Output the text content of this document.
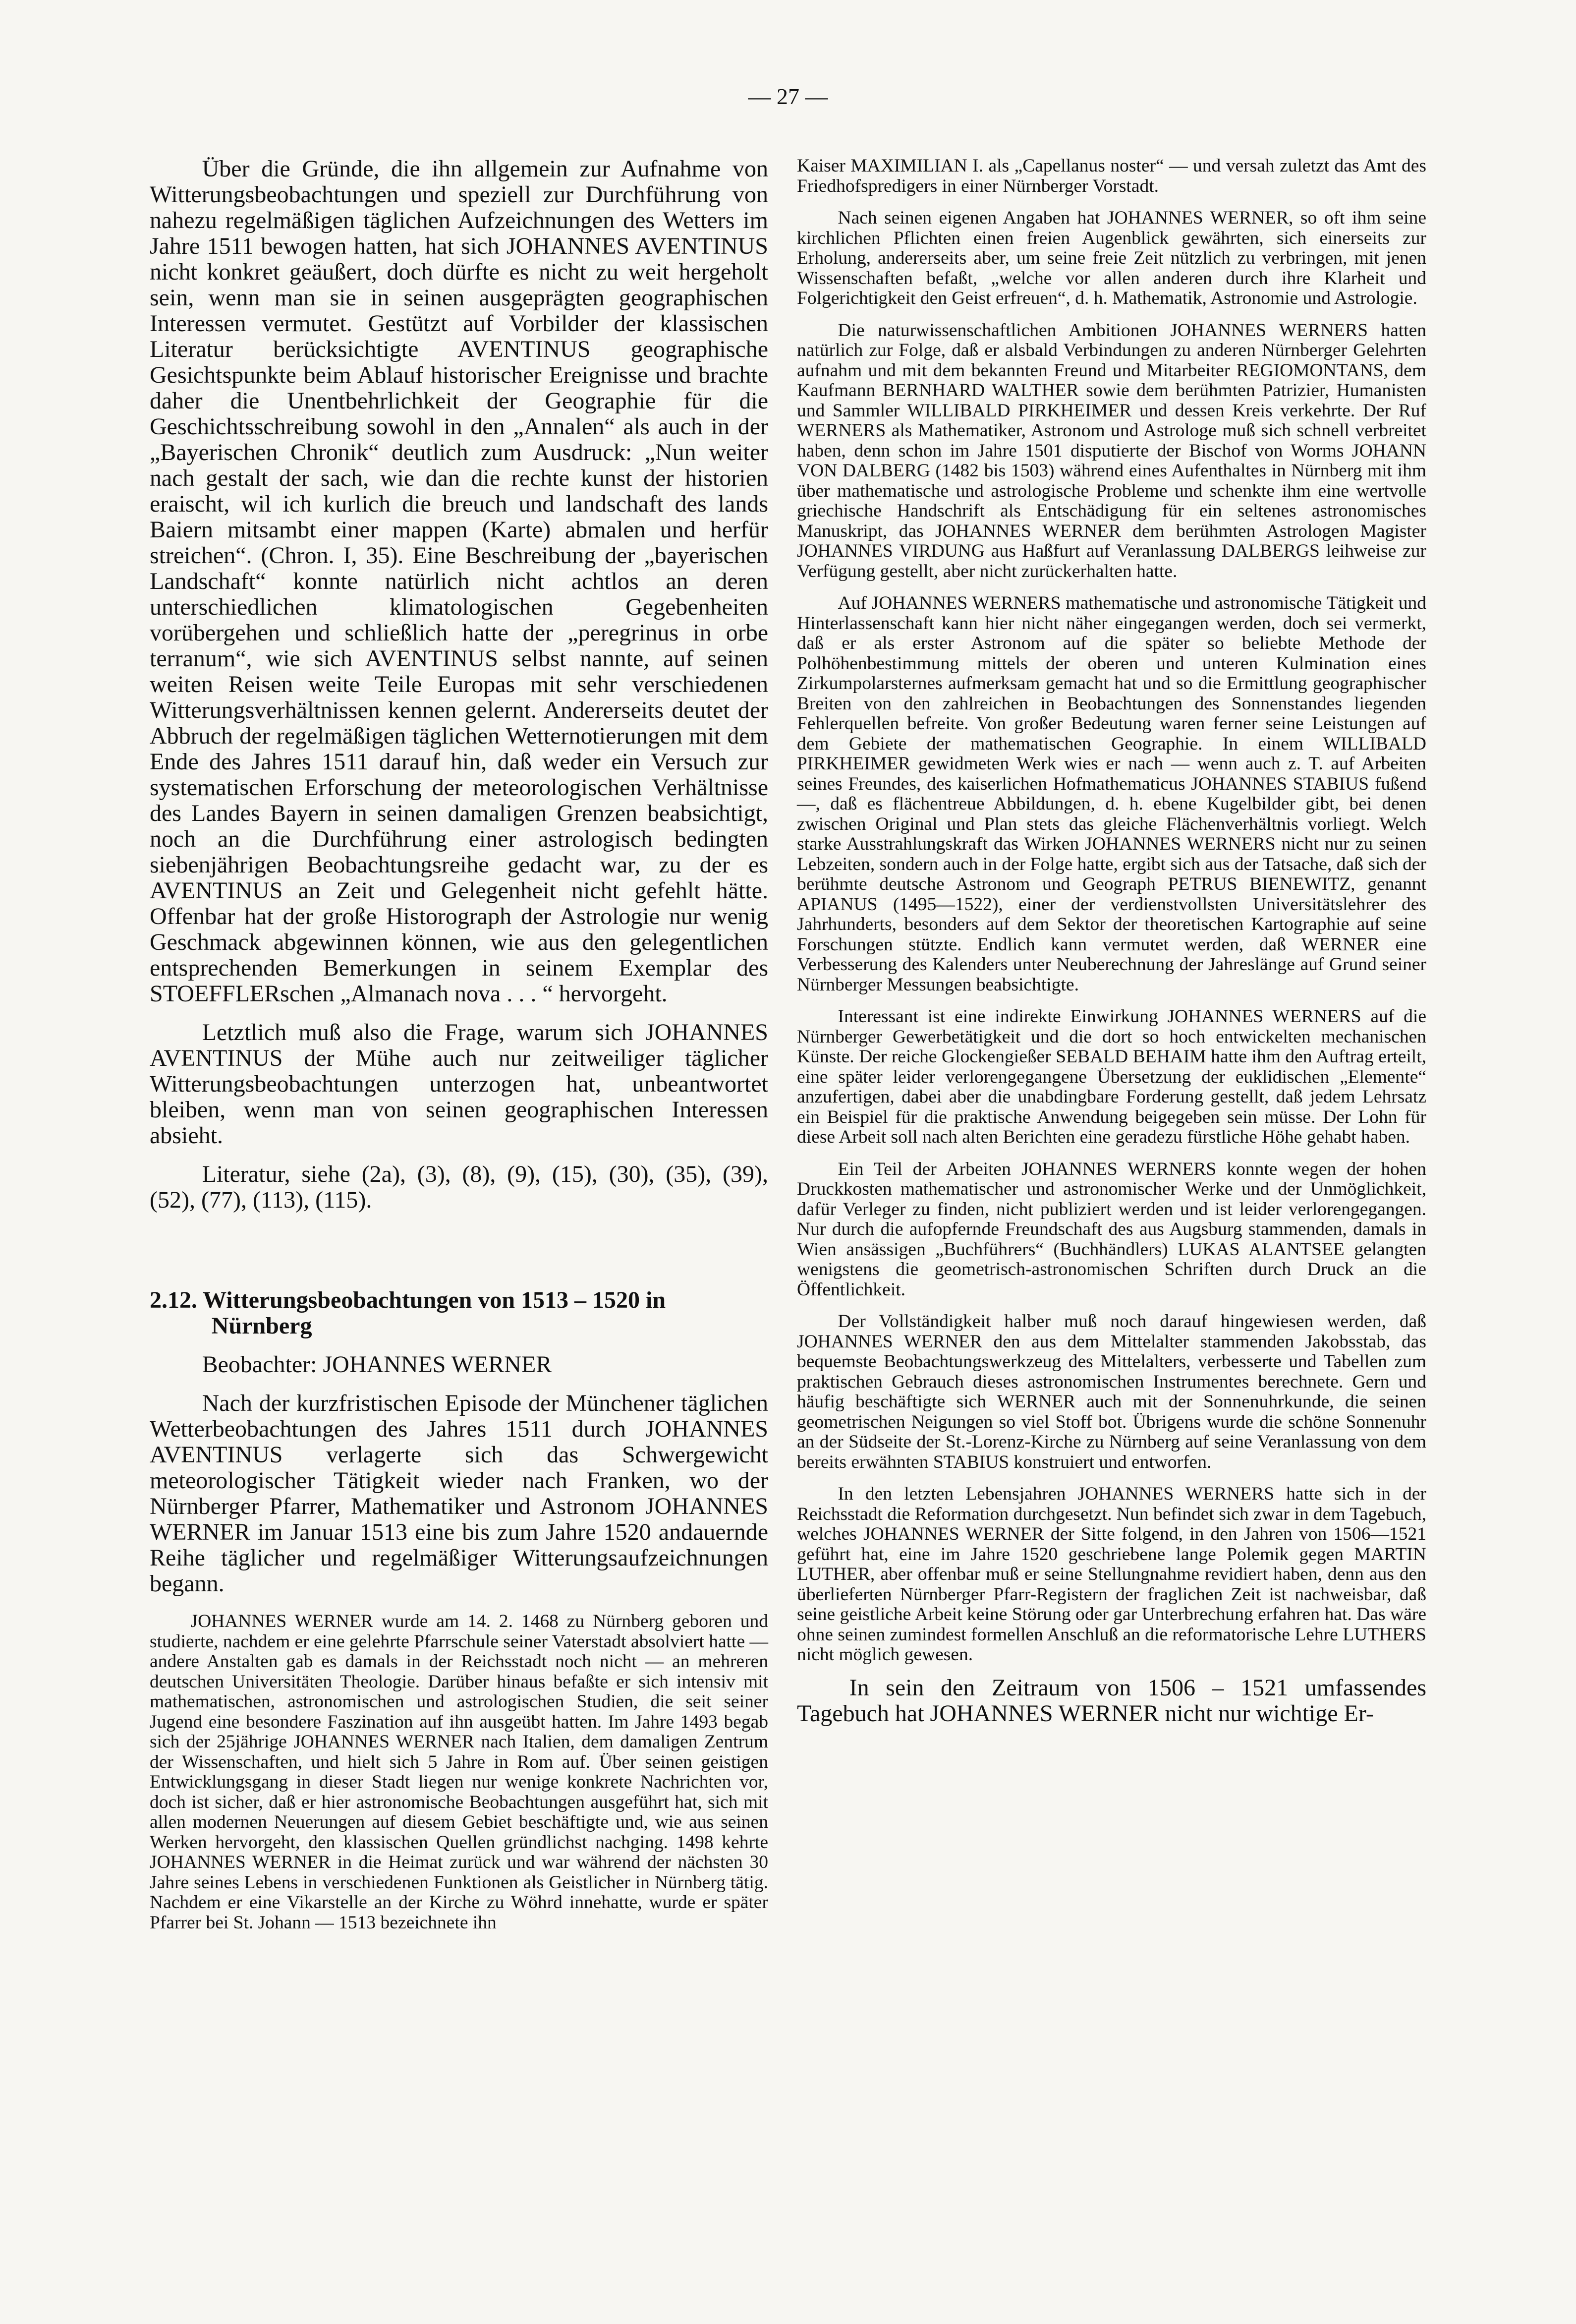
— 27 —

Über die Gründe, die ihn allgemein zur Aufnahme von Witterungsbeobachtungen und speziell zur Durchführung von nahezu regelmäßigen täglichen Aufzeichnungen des Wetters im Jahre 1511 bewogen hatten, hat sich JOHANNES AVENTINUS nicht konkret geäußert, doch dürfte es nicht zu weit hergeholt sein, wenn man sie in seinen ausgeprägten geographischen Interessen vermutet. Gestützt auf Vorbilder der klassischen Literatur berücksichtigte AVENTINUS geographische Gesichtspunkte beim Ablauf historischer Ereignisse und brachte daher die Unentbehrlichkeit der Geographie für die Geschichtsschreibung sowohl in den „Annalen“ als auch in der „Bayerischen Chronik“ deutlich zum Ausdruck: „Nun weiter nach gestalt der sach, wie dan die rechte kunst der historien eraischt, wil ich kurlich die breuch und landschaft des lands Baiern mitsambt einer mappen (Karte) abmalen und herfür streichen“. (Chron. I, 35). Eine Beschreibung der „bayerischen Landschaft“ konnte natürlich nicht achtlos an deren unterschiedlichen klimatologischen Gegebenheiten vorübergehen und schließlich hatte der „peregrinus in orbe terranum“, wie sich AVENTINUS selbst nannte, auf seinen weiten Reisen weite Teile Europas mit sehr verschiedenen Witterungsverhältnissen kennen gelernt. Andererseits deutet der Abbruch der regelmäßigen täglichen Wetternotierungen mit dem Ende des Jahres 1511 darauf hin, daß weder ein Versuch zur systematischen Erforschung der meteorologischen Verhältnisse des Landes Bayern in seinen damaligen Grenzen beabsichtigt, noch an die Durchführung einer astrologisch bedingten siebenjährigen Beobachtungsreihe gedacht war, zu der es AVENTINUS an Zeit und Gelegenheit nicht gefehlt hätte. Offenbar hat der große Historograph der Astrologie nur wenig Geschmack abgewinnen können, wie aus den gelegentlichen entsprechenden Bemerkungen in seinem Exemplar des STOEFFLERschen „Almanach nova . . . “ hervorgeht.

Letztlich muß also die Frage, warum sich JOHANNES AVENTINUS der Mühe auch nur zeitweiliger täglicher Witterungsbeobachtungen unterzogen hat, unbeantwortet bleiben, wenn man von seinen geographischen Interessen absieht.

Literatur, siehe (2a), (3), (8), (9), (15), (30), (35), (39), (52), (77), (113), (115).

2.12. Witterungsbeobachtungen von 1513 – 1520 in Nürnberg
Beobachter: JOHANNES WERNER

Nach der kurzfristischen Episode der Münchener täglichen Wetterbeobachtungen des Jahres 1511 durch JOHANNES AVENTINUS verlagerte sich das Schwergewicht meteorologischer Tätigkeit wieder nach Franken, wo der Nürnberger Pfarrer, Mathematiker und Astronom JOHANNES WERNER im Januar 1513 eine bis zum Jahre 1520 andauernde Reihe täglicher und regelmäßiger Witterungsaufzeichnungen begann.

JOHANNES WERNER wurde am 14. 2. 1468 zu Nürnberg geboren und studierte, nachdem er eine gelehrte Pfarrschule seiner Vaterstadt absolviert hatte — andere Anstalten gab es damals in der Reichsstadt noch nicht — an mehreren deutschen Universitäten Theologie. Darüber hinaus befaßte er sich intensiv mit mathematischen, astronomischen und astrologischen Studien, die seit seiner Jugend eine besondere Faszination auf ihn ausgeübt hatten. Im Jahre 1493 begab sich der 25jährige JOHANNES WERNER nach Italien, dem damaligen Zentrum der Wissenschaften, und hielt sich 5 Jahre in Rom auf. Über seinen geistigen Entwicklungsgang in dieser Stadt liegen nur wenige konkrete Nachrichten vor, doch ist sicher, daß er hier astronomische Beobachtungen ausgeführt hat, sich mit allen modernen Neuerungen auf diesem Gebiet beschäftigte und, wie aus seinen Werken hervorgeht, den klassischen Quellen gründlichst nachging. 1498 kehrte JOHANNES WERNER in die Heimat zurück und war während der nächsten 30 Jahre seines Lebens in verschiedenen Funktionen als Geistlicher in Nürnberg tätig. Nachdem er eine Vikarstelle an der Kirche zu Wöhrd innehatte, wurde er später Pfarrer bei St. Johann — 1513 bezeichnete ihn

Kaiser MAXIMILIAN I. als „Capellanus noster“ — und versah zuletzt das Amt des Friedhofspredigers in einer Nürnberger Vorstadt.

Nach seinen eigenen Angaben hat JOHANNES WERNER, so oft ihm seine kirchlichen Pflichten einen freien Augenblick gewährten, sich einerseits zur Erholung, andererseits aber, um seine freie Zeit nützlich zu verbringen, mit jenen Wissenschaften befaßt, „welche vor allen anderen durch ihre Klarheit und Folgerichtigkeit den Geist erfreuen“, d. h. Mathematik, Astronomie und Astrologie.

Die naturwissenschaftlichen Ambitionen JOHANNES WERNERS hatten natürlich zur Folge, daß er alsbald Verbindungen zu anderen Nürnberger Gelehrten aufnahm und mit dem bekannten Freund und Mitarbeiter REGIOMONTANS, dem Kaufmann BERNHARD WALTHER sowie dem berühmten Patrizier, Humanisten und Sammler WILLIBALD PIRKHEIMER und dessen Kreis verkehrte. Der Ruf WERNERS als Mathematiker, Astronom und Astrologe muß sich schnell verbreitet haben, denn schon im Jahre 1501 disputierte der Bischof von Worms JOHANN VON DALBERG (1482 bis 1503) während eines Aufenthaltes in Nürnberg mit ihm über mathematische und astrologische Probleme und schenkte ihm eine wertvolle griechische Handschrift als Entschädigung für ein seltenes astronomisches Manuskript, das JOHANNES WERNER dem berühmten Astrologen Magister JOHANNES VIRDUNG aus Haßfurt auf Veranlassung DALBERGS leihweise zur Verfügung gestellt, aber nicht zurückerhalten hatte.

Auf JOHANNES WERNERS mathematische und astronomische Tätigkeit und Hinterlassenschaft kann hier nicht näher eingegangen werden, doch sei vermerkt, daß er als erster Astronom auf die später so beliebte Methode der Polhöhenbestimmung mittels der oberen und unteren Kulmination eines Zirkumpolarsternes aufmerksam gemacht hat und so die Ermittlung geographischer Breiten von den zahlreichen in Beobachtungen des Sonnenstandes liegenden Fehlerquellen befreite. Von großer Bedeutung waren ferner seine Leistungen auf dem Gebiete der mathematischen Geographie. In einem WILLIBALD PIRKHEIMER gewidmeten Werk wies er nach — wenn auch z. T. auf Arbeiten seines Freundes, des kaiserlichen Hofmathematicus JOHANNES STABIUS fußend —, daß es flächentreue Abbildungen, d. h. ebene Kugelbilder gibt, bei denen zwischen Original und Plan stets das gleiche Flächenverhältnis vorliegt. Welch starke Ausstrahlungskraft das Wirken JOHANNES WERNERS nicht nur zu seinen Lebzeiten, sondern auch in der Folge hatte, ergibt sich aus der Tatsache, daß sich der berühmte deutsche Astronom und Geograph PETRUS BIENEWITZ, genannt APIANUS (1495—1522), einer der verdienstvollsten Universitätslehrer des Jahrhunderts, besonders auf dem Sektor der theoretischen Kartographie auf seine Forschungen stützte. Endlich kann vermutet werden, daß WERNER eine Verbesserung des Kalenders unter Neuberechnung der Jahreslänge auf Grund seiner Nürnberger Messungen beabsichtigte.

Interessant ist eine indirekte Einwirkung JOHANNES WERNERS auf die Nürnberger Gewerbetätigkeit und die dort so hoch entwickelten mechanischen Künste. Der reiche Glockengießer SEBALD BEHAIM hatte ihm den Auftrag erteilt, eine später leider verlorengegangene Übersetzung der euklidischen „Elemente“ anzufertigen, dabei aber die unabdingbare Forderung gestellt, daß jedem Lehrsatz ein Beispiel für die praktische Anwendung beigegeben sein müsse. Der Lohn für diese Arbeit soll nach alten Berichten eine geradezu fürstliche Höhe gehabt haben.

Ein Teil der Arbeiten JOHANNES WERNERS konnte wegen der hohen Druckkosten mathematischer und astronomischer Werke und der Unmöglichkeit, dafür Verleger zu finden, nicht publiziert werden und ist leider verlorengegangen. Nur durch die aufopfernde Freundschaft des aus Augsburg stammenden, damals in Wien ansässigen „Buchführers“ (Buchhändlers) LUKAS ALANTSEE gelangten wenigstens die geometrisch-astronomischen Schriften durch Druck an die Öffentlichkeit.

Der Vollständigkeit halber muß noch darauf hingewiesen werden, daß JOHANNES WERNER den aus dem Mittelalter stammenden Jakobsstab, das bequemste Beobachtungswerkzeug des Mittelalters, verbesserte und Tabellen zum praktischen Gebrauch dieses astronomischen Instrumentes berechnete. Gern und häufig beschäftigte sich WERNER auch mit der Sonnenuhrkunde, die seinen geometrischen Neigungen so viel Stoff bot. Übrigens wurde die schöne Sonnenuhr an der Südseite der St.-Lorenz-Kirche zu Nürnberg auf seine Veranlassung von dem bereits erwähnten STABIUS konstruiert und entworfen.

In den letzten Lebensjahren JOHANNES WERNERS hatte sich in der Reichsstadt die Reformation durchgesetzt. Nun befindet sich zwar in dem Tagebuch, welches JOHANNES WERNER der Sitte folgend, in den Jahren von 1506—1521 geführt hat, eine im Jahre 1520 geschriebene lange Polemik gegen MARTIN LUTHER, aber offenbar muß er seine Stellungnahme revidiert haben, denn aus den überlieferten Nürnberger Pfarr-Registern der fraglichen Zeit ist nachweisbar, daß seine geistliche Arbeit keine Störung oder gar Unterbrechung erfahren hat. Das wäre ohne seinen zumindest formellen Anschluß an die reformatorische Lehre LUTHERS nicht möglich gewesen.

In sein den Zeitraum von 1506 – 1521 umfassendes Tagebuch hat JOHANNES WERNER nicht nur wichtige Er-
